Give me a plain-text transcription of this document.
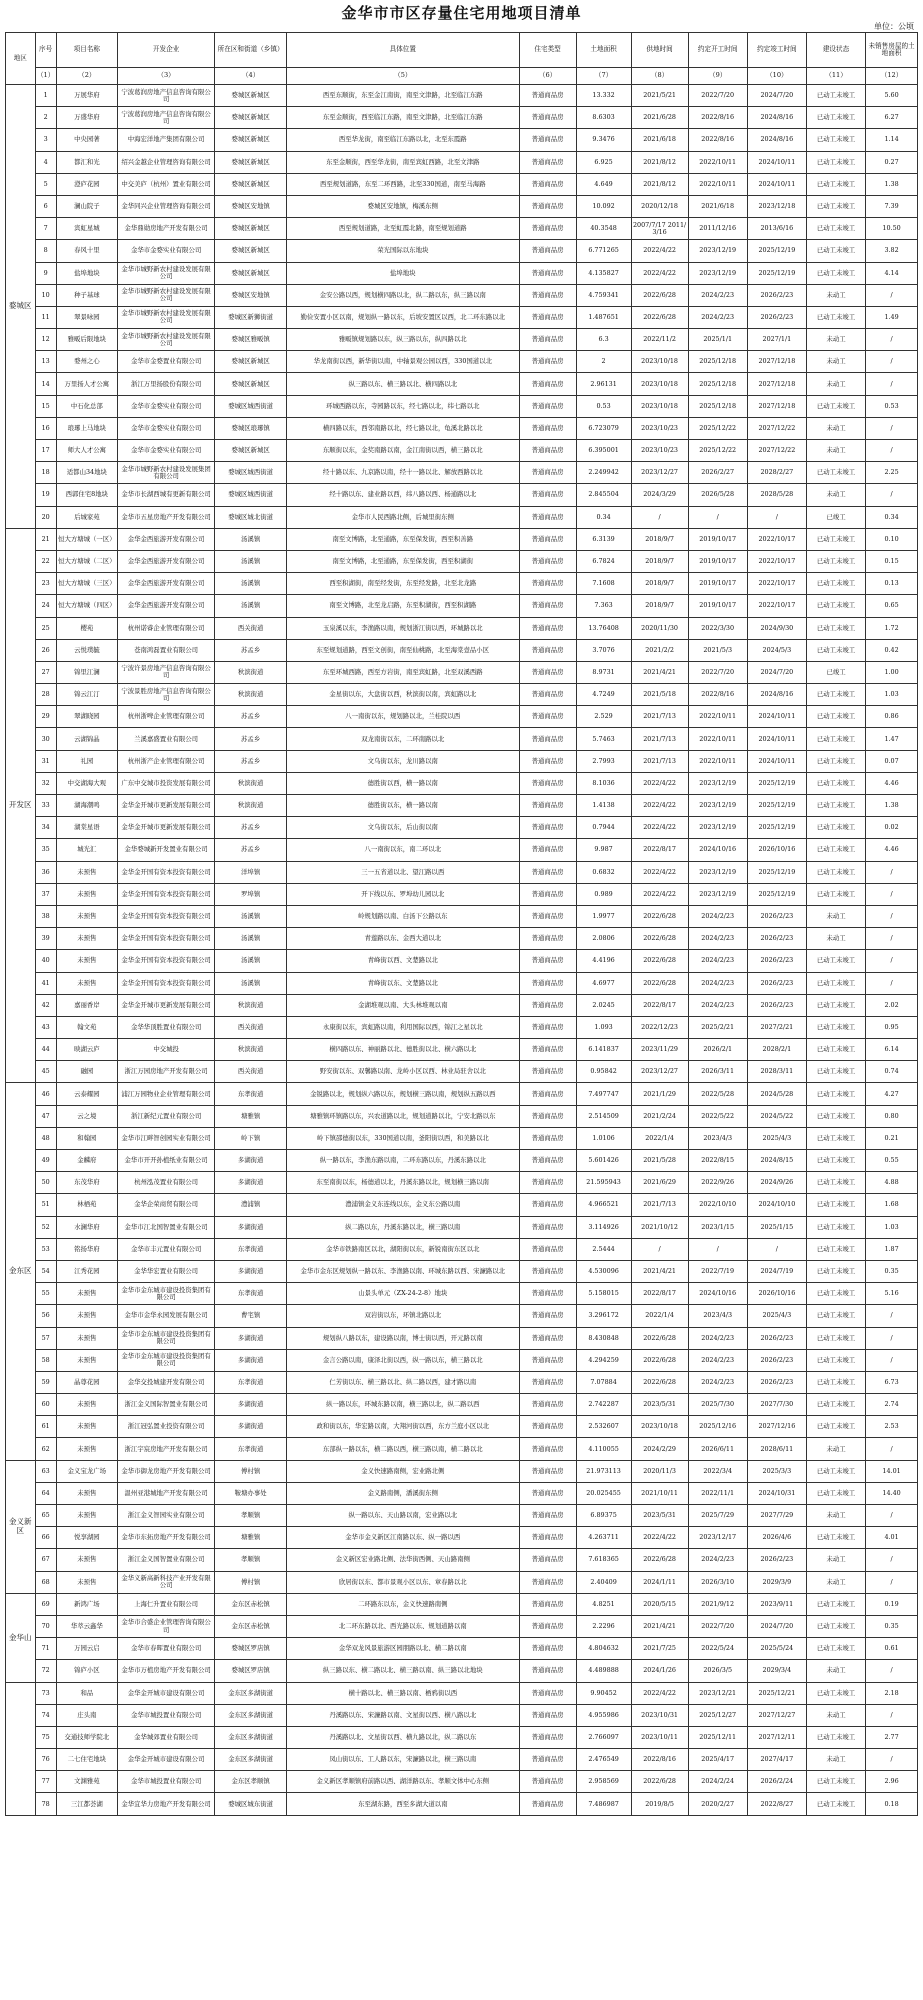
金华市市区存量住宅用地项目清单
单位：公顷
地区	序号	项目名称	开发企业	所在区和街道（乡镇）	具体位置	住宅类型	土地面积	供地时间	约定开工时间	约定竣工时间	建设状态	未销售房屋的土地面积
	（1）	（2）	（3）	（4）	（5）	（6）	（7）	（8）	（9）	（10）	（11）	（12）
婺城区	1	万展华府	宁波葛润房地产信息咨询有限公司	婺城区新城区	西至东顺街，东至金江南街，南至文津路，北至临江东路	普通商品房	13.332	2021/5/21	2022/7/20	2024/7/20	已动工未竣工	5.60
	2	万盛华府	宁波葛润房地产信息咨询有限公司	婺城区新城区	东至金顺街，西至临江东路，南至文津路，北至临江东路	普通商品房	8.6303	2021/6/28	2022/8/16	2024/8/16	已动工未竣工	6.27
	3	中央园著	中海宏洋地产集团有限公司	婺城区新城区	西至华龙街，南至临江东路以北，北至东霞路	普通商品房	9.3476	2021/6/18	2022/8/16	2024/8/16	已动工未竣工	1.14
	4	都汇和光	绍兴金越企业管理咨询有限公司	婺城区新城区	东至金顺街，西至华龙街，南至宾虹西路，北至文津路	普通商品房	6.925	2021/8/12	2022/10/11	2024/10/11	已动工未竣工	0.27
	5	澄庐花园	中交美庐（杭州）置业有限公司	婺城区新城区	西至规划道路，东至二环西路，北至330国道，南至马海路	普通商品房	4.649	2021/8/12	2022/10/11	2024/10/11	已动工未竣工	1.38
	6	澜山院子	金华同兴企业管理咨询有限公司	婺城区安地镇	婺城区安地镇，梅溪东侧	普通商品房	10.092	2020/12/18	2021/6/18	2023/12/18	已动工未竣工	7.39
	7	宾虹星城	金华鼎勋房地产开发有限公司	婺城区新城区	西至规划道路，北至虹霞北路，南至规划道路	普通商品房	40.3548	2007/7/17 2011/3/16	2011/12/16	2013/6/16	已动工未竣工	10.50
	8	春风十里	金华市金婺实业有限公司	婺城区新城区	荣光国际以东地块	普通商品房	6.771265	2022/4/22	2023/12/19	2025/12/19	已动工未竣工	3.82
	9	盐埠地块	金华市城野新农村建设发展有限公司	婺城区新城区	盐埠地块	普通商品房	4.135827	2022/4/22	2023/12/19	2025/12/19	已动工未竣工	4.14
	10	种子基球	金华市城野新农村建设发展有限公司	婺城区安地镇	金安公路以西，规划横四路以北，纵二路以东，纵三路以南	普通商品房	4.759341	2022/6/28	2024/2/23	2026/2/23	未动工	/
	11	翠景咏园	金华市城野新农村建设发展有限公司	婺城区新狮街道	勤俭安置小区以南，规划纵一路以东，后坡安置区以西，北二环东路以北	普通商品房	1.487651	2022/6/28	2024/2/23	2026/2/23	已动工未竣工	1.49
	12	雅畈后限地块	金华市城野新农村建设发展有限公司	婺城区雅畈镇	雅畈镇规划路以东，纵三路以东，纵四路以北	普通商品房	6.3	2022/11/2	2025/1/1	2027/1/1	未动工	/
	13	婺州之心	金华市金婺置业有限公司	婺城区新城区	华龙南街以西，新华街以南，中轴景观公园以西，330国道以北	普通商品房	2	2023/10/18	2025/12/18	2027/12/18	未动工	/
	14	万里扬人才公寓	浙江万里扬股份有限公司	婺城区新城区	纵三路以东、横三路以北、横四路以北	普通商品房	2.96131	2023/10/18	2025/12/18	2027/12/18	未动工	/
	15	中石化总部	金华市金婺实业有限公司	婺城区城西街道	环城西路以东，寺园路以东，经七路以北，纬七路以北	普通商品房	0.53	2023/10/18	2025/12/18	2027/12/18	已动工未竣工	0.53
	16	琅琊上马地块	金华市金婺实业有限公司	婺城区琅琊镇	横四路以东，西邻南路以北，经七路以北，龟溪北路以北	普通商品房	6.723079	2023/10/23	2025/12/22	2027/12/22	未动工	/
	17	师大人才公寓	金华市金婺实业有限公司	婺城区新城区	东顺街以东，金奖南路以南，金江南街以西，横三路以北	普通商品房	6.395001	2023/10/23	2025/12/22	2027/12/22	未动工	/
	18	适都山34地块	金华市城野新农村建设发展集团有限公司	婺城区城西街道	经十路以东、九京路以南，经十一路以北、解放西路以北	普通商品房	2.249942	2023/12/27	2026/2/27	2028/2/27	已动工未竣工	2.25
	19	西郭住宅8地块	金华市长湖西城有更新有限公司	婺城区城西街道	经十路以东、建业路以西，纬八路以西、杨通路以北	普通商品房	2.845504	2024/3/29	2026/5/28	2028/5/28	未动工	/
	20	后城家苑	金华市五星房地产开发有限公司	婺城区城北街道	金华市人民西路北侧，后城里街东侧	普通商品房	0.34	/	/	/	已竣工	0.34
开发区	21	恒大方塘城（一区）	金华金西旅游开发有限公司	汤溪镇	南至文博路，北至通路，东至保发街，西至积善路	普通商品房	6.3139	2018/9/7	2019/10/17	2022/10/17	已动工未竣工	0.10
	22	恒大方塘城（二区）	金华金西旅游开发有限公司	汤溪镇	南至文博路，北至通路，东至保发街，西至积湖街	普通商品房	6.7824	2018/9/7	2019/10/17	2022/10/17	已动工未竣工	0.15
	23	恒大方塘城（三区）	金华金西旅游开发有限公司	汤溪镇	西至积湖街，南至经发街，东至经发路，北至北龙路	普通商品房	7.1608	2018/9/7	2019/10/17	2022/10/17	已动工未竣工	0.13
	24	恒大方塘城（四区）	金华金西旅游开发有限公司	汤溪镇	南至文博路，北至龙启路，东至积湖街，西至积湖路	普通商品房	7.363	2018/9/7	2019/10/17	2022/10/17	已动工未竣工	0.65
	25	樱苑	杭州诺睿企业管理有限公司	西关街道	玉泉溪以东，李渔路以南，规划浙江街以西，环城路以北	普通商品房	13.76408	2020/11/30	2022/3/30	2024/9/30	已动工未竣工	1.72
	26	云悦璞毓	苍南鸿磊置业有限公司	苏孟乡	东至规划道路，西至文创街，南至仙桃路，北至海棠壹品小区	普通商品房	3.7076	2021/2/2	2021/5/3	2024/5/3	已动工未竣工	0.42
	27	锦里江澜	宁波许景房地产信息咨询有限公司	秋滨街道	东至环城西路，西至方岩街，南至宾虹路，北至双溪西路	普通商品房	8.9731	2021/4/21	2022/7/20	2024/7/20	已竣工	1.00
	28	锦云江汀	宁波景胜房地产信息咨询有限公司	秋滨街道	金星街以东，大盘街以西，秋滨街以南，宾虹路以北	普通商品房	4.7249	2021/5/18	2022/8/16	2024/8/16	已动工未竣工	1.03
	29	翠湖晓园	杭州浙啤企业管理有限公司	苏孟乡	八一南街以东，规划路以北，兰桂院以西	普通商品房	2.529	2021/7/13	2022/10/11	2024/10/11	已动工未竣工	0.86
	30	云湖锦晶	兰溪嘉盛置业有限公司	苏孟乡	双龙南街以东，二环南路以北	普通商品房	5.7463	2021/7/13	2022/10/11	2024/10/11	已动工未竣工	1.47
	31	礼园	杭州浙产企业管理有限公司	苏孟乡	文乌街以东，龙川路以南	普通商品房	2.7993	2021/7/13	2022/10/11	2024/10/11	已动工未竣工	0.07
	32	中交湖海大观	广东中交城市投资发展有限公司	秋滨街道	德胜街以西，横一路以南	普通商品房	8.1036	2022/4/22	2023/12/19	2025/12/19	已动工未竣工	4.46
	33	湖海潮鸣	金华金开城市更新发展有限公司	秋滨街道	德胜街以东，横一路以南	普通商品房	1.4138	2022/4/22	2023/12/19	2025/12/19	已动工未竣工	1.38
	34	湖棠星语	金华金开城市更新发展有限公司	苏孟乡	文乌街以东，后山街以南	普通商品房	0.7944	2022/4/22	2023/12/19	2025/12/19	已动工未竣工	0.02
	35	城光汇	金华婺城新开发置业有限公司	苏孟乡	八一南街以东，南二环以北	普通商品房	9.987	2022/8/17	2024/10/16	2026/10/16	已动工未竣工	4.46
	36	未预售	金华金开国有资本投资有限公司	洋埠镇	三一五省道以北、望江路以西	普通商品房	0.6832	2022/4/22	2023/12/19	2025/12/19	已动工未竣工	/
	37	未预售	金华金开国有资本投资有限公司	罗埠镇	开下线以东、罗埠幼儿园以北	普通商品房	0.989	2022/4/22	2023/12/19	2025/12/19	已动工未竣工	/
	38	未预售	金华金开国有资本投资有限公司	汤溪镇	岭规划路以南、白汤下公路以东	普通商品房	1.9977	2022/6/28	2024/2/23	2026/2/23	未动工	/
	39	未预售	金华金开国有资本投资有限公司	汤溪镇	青莲路以东、金西大道以北	普通商品房	2.0806	2022/6/28	2024/2/23	2026/2/23	未动工	/
	40	未预售	金华金开国有资本投资有限公司	汤溪镇	青峰街以西、文楚路以北	普通商品房	4.4196	2022/6/28	2024/2/23	2026/2/23	已动工未竣工	/
	41	未预售	金华金开国有资本投资有限公司	汤溪镇	青峰街以东、文楚路以北	普通商品房	4.6977	2022/6/28	2024/2/23	2026/2/23	已动工未竣工	/
	42	嘉丽香岸	金华金开城市更新发展有限公司	秋滨街道	金湖堆观以南、大头林堆观以南	普通商品房	2.0245	2022/8/17	2024/2/23	2026/2/23	已动工未竣工	2.02
	43	翰文苑	金华华顶胜置业有限公司	西关街道	永康街以东，宾虹路以南，利用国际以西，锦江之星以北	普通商品房	1.093	2022/12/23	2025/2/21	2027/2/21	已动工未竣工	0.95
	44	映湖云庐	中交城投	秋滨街道	横四路以东、神丽路以北、德胜街以北、横六路以北	普通商品房	6.141837	2023/11/29	2026/2/1	2028/2/1	已动工未竣工	6.14
	45	融园	浙江万园房地产开发有限公司	西关街道	野安街以东、双馨路以南、龙岭小区以西、林业局驻舍以北	普通商品房	0.95842	2023/12/27	2026/3/11	2028/3/11	已动工未竣工	0.74
金东区	46	云泰耀园	浦江万园物业企业管理有限公司	东孝街道	金锐路以北，规划纵六路以东，规划横三路以南，规划纵五路以西	普通商品房	7.497747	2021/1/29	2022/5/28	2024/5/28	已动工未竣工	4.27
	47	云之境	浙江新纪元置业有限公司	塘雅镇	塘雅镇环镇路以东，兴农道路以北，规划道路以北，宁安北路以东	普通商品房	2.514509	2021/2/24	2022/5/22	2024/5/22	已动工未竣工	0.80
	48	和翰园	金华市江畔智创园实业有限公司	岭下镇	岭下镇邵德街以东，330国道以南，釜阳街以西，和美路以北	普通商品房	1.0106	2022/1/4	2023/4/3	2025/4/3	已动工未竣工	0.21
	49	金麟府	金华市开开孙植纸业有限公司	多湖街道	纵一路以东，李渔东路以南，二环东路以东，丹溪东路以北	普通商品房	5.601426	2021/5/28	2022/8/15	2024/8/15	已动工未竣工	0.55
	50	东茂华府	杭州泓茂置业有限公司	多湖街道	东至南街以东，杨德道以北，丹溪东路以北，规划横三路以南	普通商品房	21.595943	2021/6/29	2022/9/26	2024/9/26	已动工未竣工	4.88
	51	林栖苑	金华企荣商贸有限公司	澧浦镇	澧浦镇金义东连线以东，金义东公路以南	普通商品房	4.966521	2021/7/13	2022/10/10	2024/10/10	已动工未竣工	1.68
	52	水澜华府	金华市江北国智置业有限公司	多湖街道	纵二路以东，丹溪东路以北，横三路以南	普通商品房	3.114926	2021/10/12	2023/1/15	2025/1/15	已动工未竣工	1.03
	53	铭扬华府	金华市丰元置业有限公司	东孝街道	金华市铁路南区以北，湖阳街以东，新锐南街东区以北	普通商品房	2.5444	/	/	/	已动工未竣工	1.87
	54	江秀花园	金华华宏置业有限公司	多湖街道	金华市金东区规划纵一路以东、李渔路以南、环城东路以西、宋濂路以北	普通商品房	4.530096	2021/4/21	2022/7/19	2024/7/19	已动工未竣工	0.35
	55	未预售	金华市金东城市建设投资集团有限公司	东孝街道	山景头单元（ZX-24-2-8）地块	普通商品房	5.158015	2022/8/17	2024/10/16	2026/10/16	已动工未竣工	5.16
	56	未预售	金华市金华永园发展有限公司	曹宅镇	双岩街以东，环镇北路以北	普通商品房	3.296172	2022/1/4	2023/4/3	2025/4/3	已动工未竣工	/
	57	未预售	金华市金东城市建设投资集团有限公司	多湖街道	规划纵八路以东，建设路以南，博士街以西，开元路以南	普通商品房	8.430848	2022/6/28	2024/2/23	2026/2/23	已动工未竣工	/
	58	未预售	金华市金东城市建设投资集团有限公司	多湖街道	金言公路以南，康泽北街以西，纵一路以东，横三路以北	普通商品房	4.294259	2022/6/28	2024/2/23	2026/2/23	已动工未竣工	/
	59	晶尊花园	金华交投城建开发有限公司	东孝街道	仁芳街以东、横三路以北、纵二路以西，建才路以南	普通商品房	7.07884	2022/6/28	2024/2/23	2026/2/23	已动工未竣工	6.73
	60	未预售	浙江金义国际智置业有限公司	多湖街道	纵一路以东，环城东路以南，横三路以北，纵二路以西	普通商品房	2.742287	2023/5/31	2025/7/30	2027/7/30	已动工未竣工	2.74
	61	未预售	浙江冠弘置业投资有限公司	多湖街道	政和街以东，华宏路以南，大翔河街以西，东方兰庭小区以北	普通商品房	2.532607	2023/10/18	2025/12/16	2027/12/16	已动工未竣工	2.53
	62	未预售	浙江宇宸房地产开发有限公司	东孝街道	东部纵一路以东，横二路以西，横三路以南，横二路以北	普通商品房	4.110055	2024/2/29	2026/6/11	2028/6/11	未动工	/
金义新区	63	金义宝龙广场	金华市御龙房地产开发有限公司	傅村镇	金义快速路南侧，宏业路北侧	普通商品房	21.973113	2020/11/3	2022/3/4	2025/3/3	已动工未竣工	14.01
	64	未预售	温州亚港城地产开发有限公司	鞍塘办事处	金义路南侧，潘溪街东侧	普通商品房	20.025455	2021/10/11	2022/11/1	2024/10/31	已动工未竣工	14.40
	65	未预售	浙江金义智园实业有限公司	孝顺镇	纵一路以东、天山路以南，宏业路以北	普通商品房	6.89375	2023/5/31	2025/7/29	2027/7/29	未动工	/
	66	悦享湖园	金华市东拓房地产开发有限公司	塘雅镇	金华市金义新区江南路以东、纵一路以西	普通商品房	4.263711	2022/4/22	2023/12/17	2026/4/6	已动工未竣工	4.01
	67	未预售	浙江金义国智置业有限公司	孝顺镇	金义新区宏业路北侧、法华街西侧、天山路南侧	普通商品房	7.618365	2022/6/28	2024/2/23	2026/2/23	未动工	/
	68	未预售	金华义新高新科技产业开发有限公司	傅村镇	欣居街以东、都市景观小区以东、章春路以北	普通商品房	2.40409	2024/1/11	2026/3/10	2029/3/9	未动工	/
金华山	69	新鸿广场	上海仁升置业有限公司	金东区赤松镇	二环路东以东，金义快速路南侧	普通商品房	4.8251	2020/5/15	2021/9/12	2023/9/11	已动工未竣工	0.19
	70	华萃云鑫华	金华市合盛企业管理咨询有限公司	金东区赤松镇	北二环东路以北、西光路以东、规划道路以南	普通商品房	2.2296	2021/4/21	2022/7/20	2024/7/20	已动工未竣工	0.35
	71	万园云启	金华市春晖置业有限公司	婺城区罗店镇	金华双龙风景旅游区园朋路以北、横二路以南	普通商品房	4.804632	2021/7/25	2022/5/24	2025/5/24	已动工未竣工	0.61
	72	锦庐小区	金华市万植房地产开发有限公司	婺城区罗店镇	纵三路以东、横二路以北、横三路以南、纵三路以北地块	普通商品房	4.489888	2024/1/26	2026/3/5	2029/3/4	未动工	/
	73	和品	金华金开城市建设有限公司	金东区多湖街道	横十路以北、横三路以南、栖鸦街以西	普通商品房	9.90452	2022/4/22	2023/12/21	2025/12/21	已动工未竣工	2.18
	74	庄头南	金华市城投置业有限公司	金东区多湖街道	丹溪路以东、宋濂路以南、文星街以西、横八路以北	普通商品房	4.955986	2023/10/31	2025/12/27	2027/12/27	未动工	/
	75	交通技师学院北	金华城郊置业有限公司	金东区多湖街道	丹溪路以北、文星街以西、横九路以北，纵二路以东	普通商品房	2.766097	2023/10/11	2025/12/11	2027/12/11	已动工未竣工	2.77
	76	二七住宅地块	金华金开城市建设有限公司	金东区多湖街道	凤山街以东、工人路以东，宋濂路以北，横三路以南	普通商品房	2.476549	2022/8/16	2025/4/17	2027/4/17	未动工	/
	77	文渊雅苑	金华市城投置业有限公司	金东区孝顺镇	金义新区孝顺镇府前路以西、湖洋路以东、孝顺文体中心东侧	普通商品房	2.958569	2022/6/28	2024/2/24	2026/2/24	已动工未竣工	2.96
	78	三江都荟湖	金华宜华力房地产开发有限公司	婺城区城东街道	东至湖东路，西至多湖大道以南	普通商品房	7.486987	2019/8/5	2020/2/27	2022/8/27	已动工未竣工	0.18
